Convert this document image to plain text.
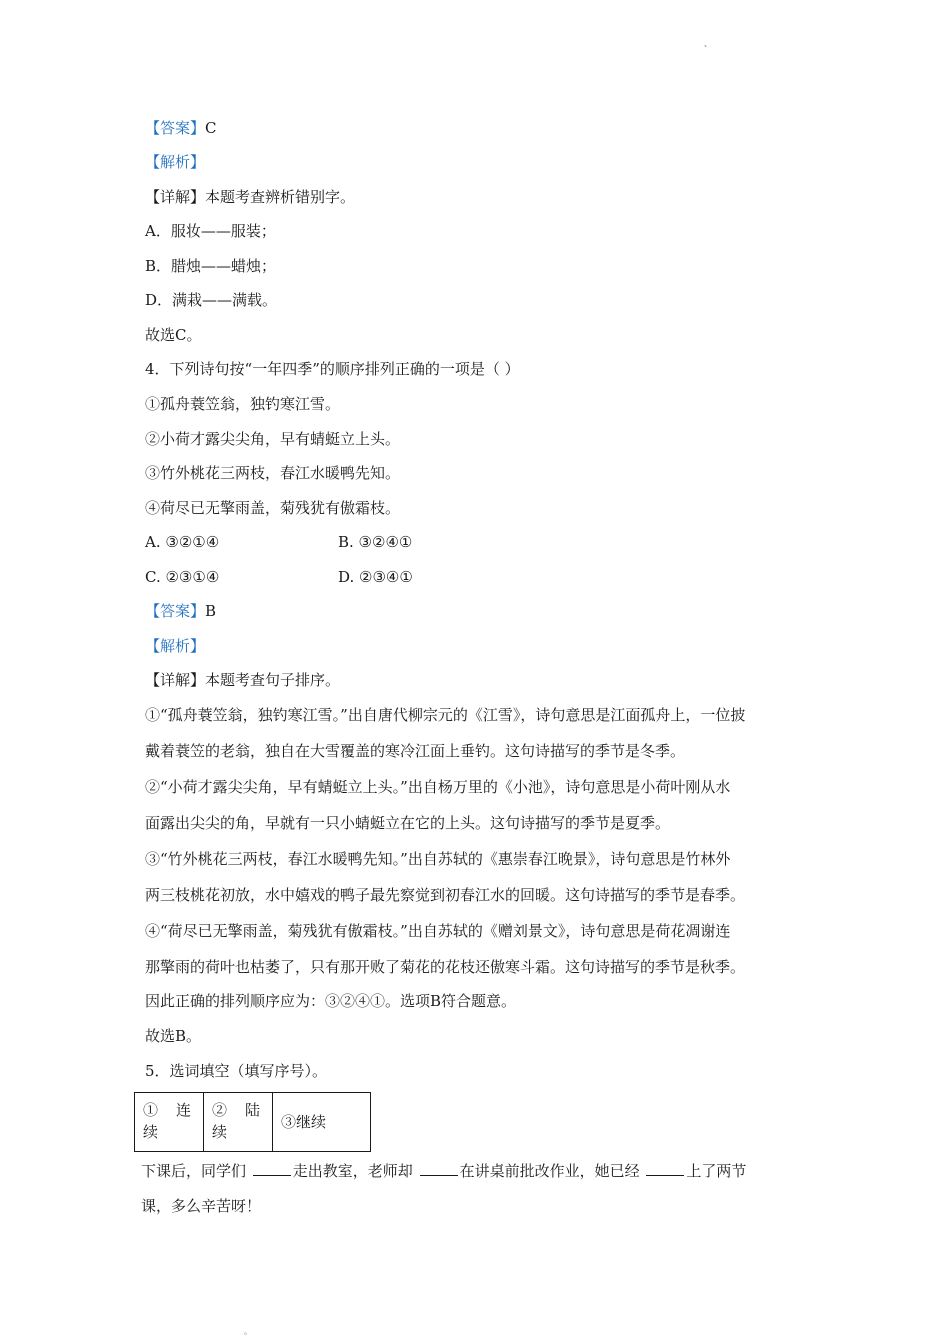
、
【答案】C
【解析】
【详解】本题考查辨析错别字。
A．服妆——服装；
B．腊烛——蜡烛；
D．满栽——满载。
故选C。
4．下列诗句按“一年四季”的顺序排列正确的一项是（ ）
①孤舟蓑笠翁，独钓寒江雪。
②小荷才露尖尖角，早有蜻蜓立上头。
③竹外桃花三两枝，春江水暖鸭先知。
④荷尽已无擎雨盖，菊残犹有傲霜枝。
A. ③②①④	B. ③②④①
C. ②③①④	D. ②③④①
【答案】B
【解析】
【详解】本题考查句子排序。
①“孤舟蓑笠翁，独钓寒江雪。”出自唐代柳宗元的《江雪》，诗句意思是江面孤舟上，一位披
戴着蓑笠的老翁，独自在大雪覆盖的寒冷江面上垂钓。这句诗描写的季节是冬季。
②“小荷才露尖尖角，早有蜻蜓立上头。”出自杨万里的《小池》，诗句意思是小荷叶刚从水
面露出尖尖的角，早就有一只小蜻蜓立在它的上头。这句诗描写的季节是夏季。
③“竹外桃花三两枝，春江水暖鸭先知。”出自苏轼的《惠崇春江晚景》，诗句意思是竹林外
两三枝桃花初放，水中嬉戏的鸭子最先察觉到初春江水的回暖。这句诗描写的季节是春季。
④“荷尽已无擎雨盖，菊残犹有傲霜枝。”出自苏轼的《赠刘景文》，诗句意思是荷花凋谢连
那擎雨的荷叶也枯萎了，只有那开败了菊花的花枝还傲寒斗霜。这句诗描写的季节是秋季。
因此正确的排列顺序应为：③②④①。选项B符合题意。
故选B。
5．选词填空（填写序号）。
①连
续	②陆
续	③继续
下课后，同学们	走出教室，老师却	在讲桌前批改作业，她已经	上了两节
课，多么辛苦呀！
。
